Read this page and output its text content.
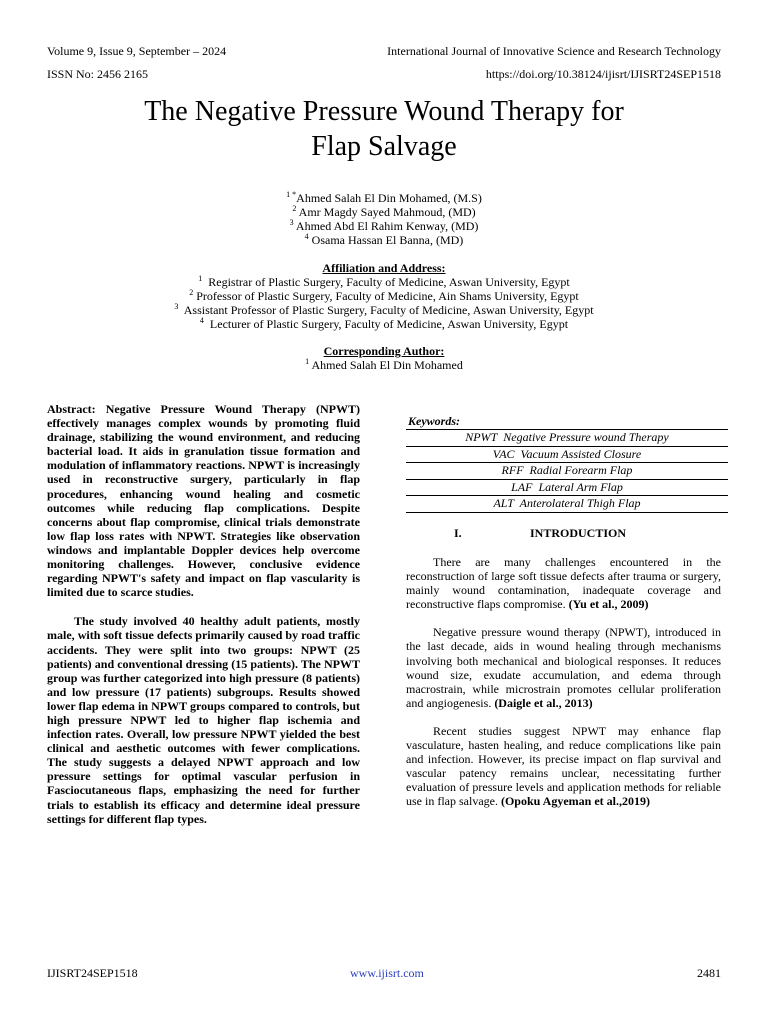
Volume 9, Issue 9, September – 2024	International Journal of Innovative Science and Research Technology
ISSN No: 2456 2165	https://doi.org/10.38124/ijisrt/IJISRT24SEP1518
The Negative Pressure Wound Therapy for
Flap Salvage
$^{1 *}$Ahmed Salah El Din Mohamed, (M.S)
$^2$ Amr Magdy Sayed Mahmoud, (MD)
$^3$ Ahmed Abd El Rahim Kenway, (MD)
$^4$ Osama Hassan El Banna, (MD)
Affiliation and Address:
$^1$ Registrar of Plastic Surgery, Faculty of Medicine, Aswan University, Egypt
$^2$ Professor of Plastic Surgery, Faculty of Medicine, Ain Shams University, Egypt
$^3$ Assistant Professor of Plastic Surgery, Faculty of Medicine, Aswan University, Egypt
$^4$ Lecturer of Plastic Surgery, Faculty of Medicine, Aswan University, Egypt
Corresponding Author:
$^1$ Ahmed Salah El Din Mohamed

Abstract: Negative Pressure Wound Therapy (NPWT) effectively manages complex wounds by promoting fluid drainage, stabilizing the wound environment, and reducing bacterial load. It aids in granulation tissue formation and modulation of inflammatory reactions. NPWT is increasingly used in reconstructive surgery, particularly in flap procedures, enhancing wound healing and cosmetic outcomes while reducing flap complications. Despite concerns about flap compromise, clinical trials demonstrate low flap loss rates with NPWT. Strategies like observation windows and implantable Doppler devices help overcome monitoring challenges. However, conclusive evidence regarding NPWT's safety and impact on flap vascularity is limited due to scarce studies.

The study involved 40 healthy adult patients, mostly male, with soft tissue defects primarily caused by road traffic accidents. They were split into two groups: NPWT (25 patients) and conventional dressing (15 patients). The NPWT group was further categorized into high pressure (8 patients) and low pressure (17 patients) subgroups. Results showed lower flap edema in NPWT groups compared to controls, but high pressure NPWT led to higher flap ischemia and infection rates. Overall, low pressure NPWT yielded the best clinical and aesthetic outcomes with fewer complications. The study suggests a delayed NPWT approach and low pressure settings for optimal vascular perfusion in Fasciocutaneous flaps, emphasizing the need for further trials to establish its efficacy and determine ideal pressure settings for different flap types.

Keywords:
NPWT Negative Pressure wound Therapy
VAC Vacuum Assisted Closure
RFF Radial Forearm Flap
LAF Lateral Arm Flap
ALT Anterolateral Thigh Flap
I.	INTRODUCTION

There are many challenges encountered in the reconstruction of large soft tissue defects after trauma or surgery, mainly wound contamination, inadequate coverage and reconstructive flaps compromise. (Yu et al., 2009)

Negative pressure wound therapy (NPWT), introduced in the last decade, aids in wound healing through mechanisms involving both mechanical and biological responses. It reduces wound size, exudate accumulation, and edema through macrostrain, while microstrain promotes cellular proliferation and angiogenesis. (Daigle et al., 2013)

Recent studies suggest NPWT may enhance flap vasculature, hasten healing, and reduce complications like pain and infection. However, its precise impact on flap survival and vascular patency remains unclear, necessitating further evaluation of pressure levels and application methods for reliable use in flap salvage. (Opoku Agyeman et al.,2019)

IJISRT24SEP1518	www.ijisrt.com	2481
